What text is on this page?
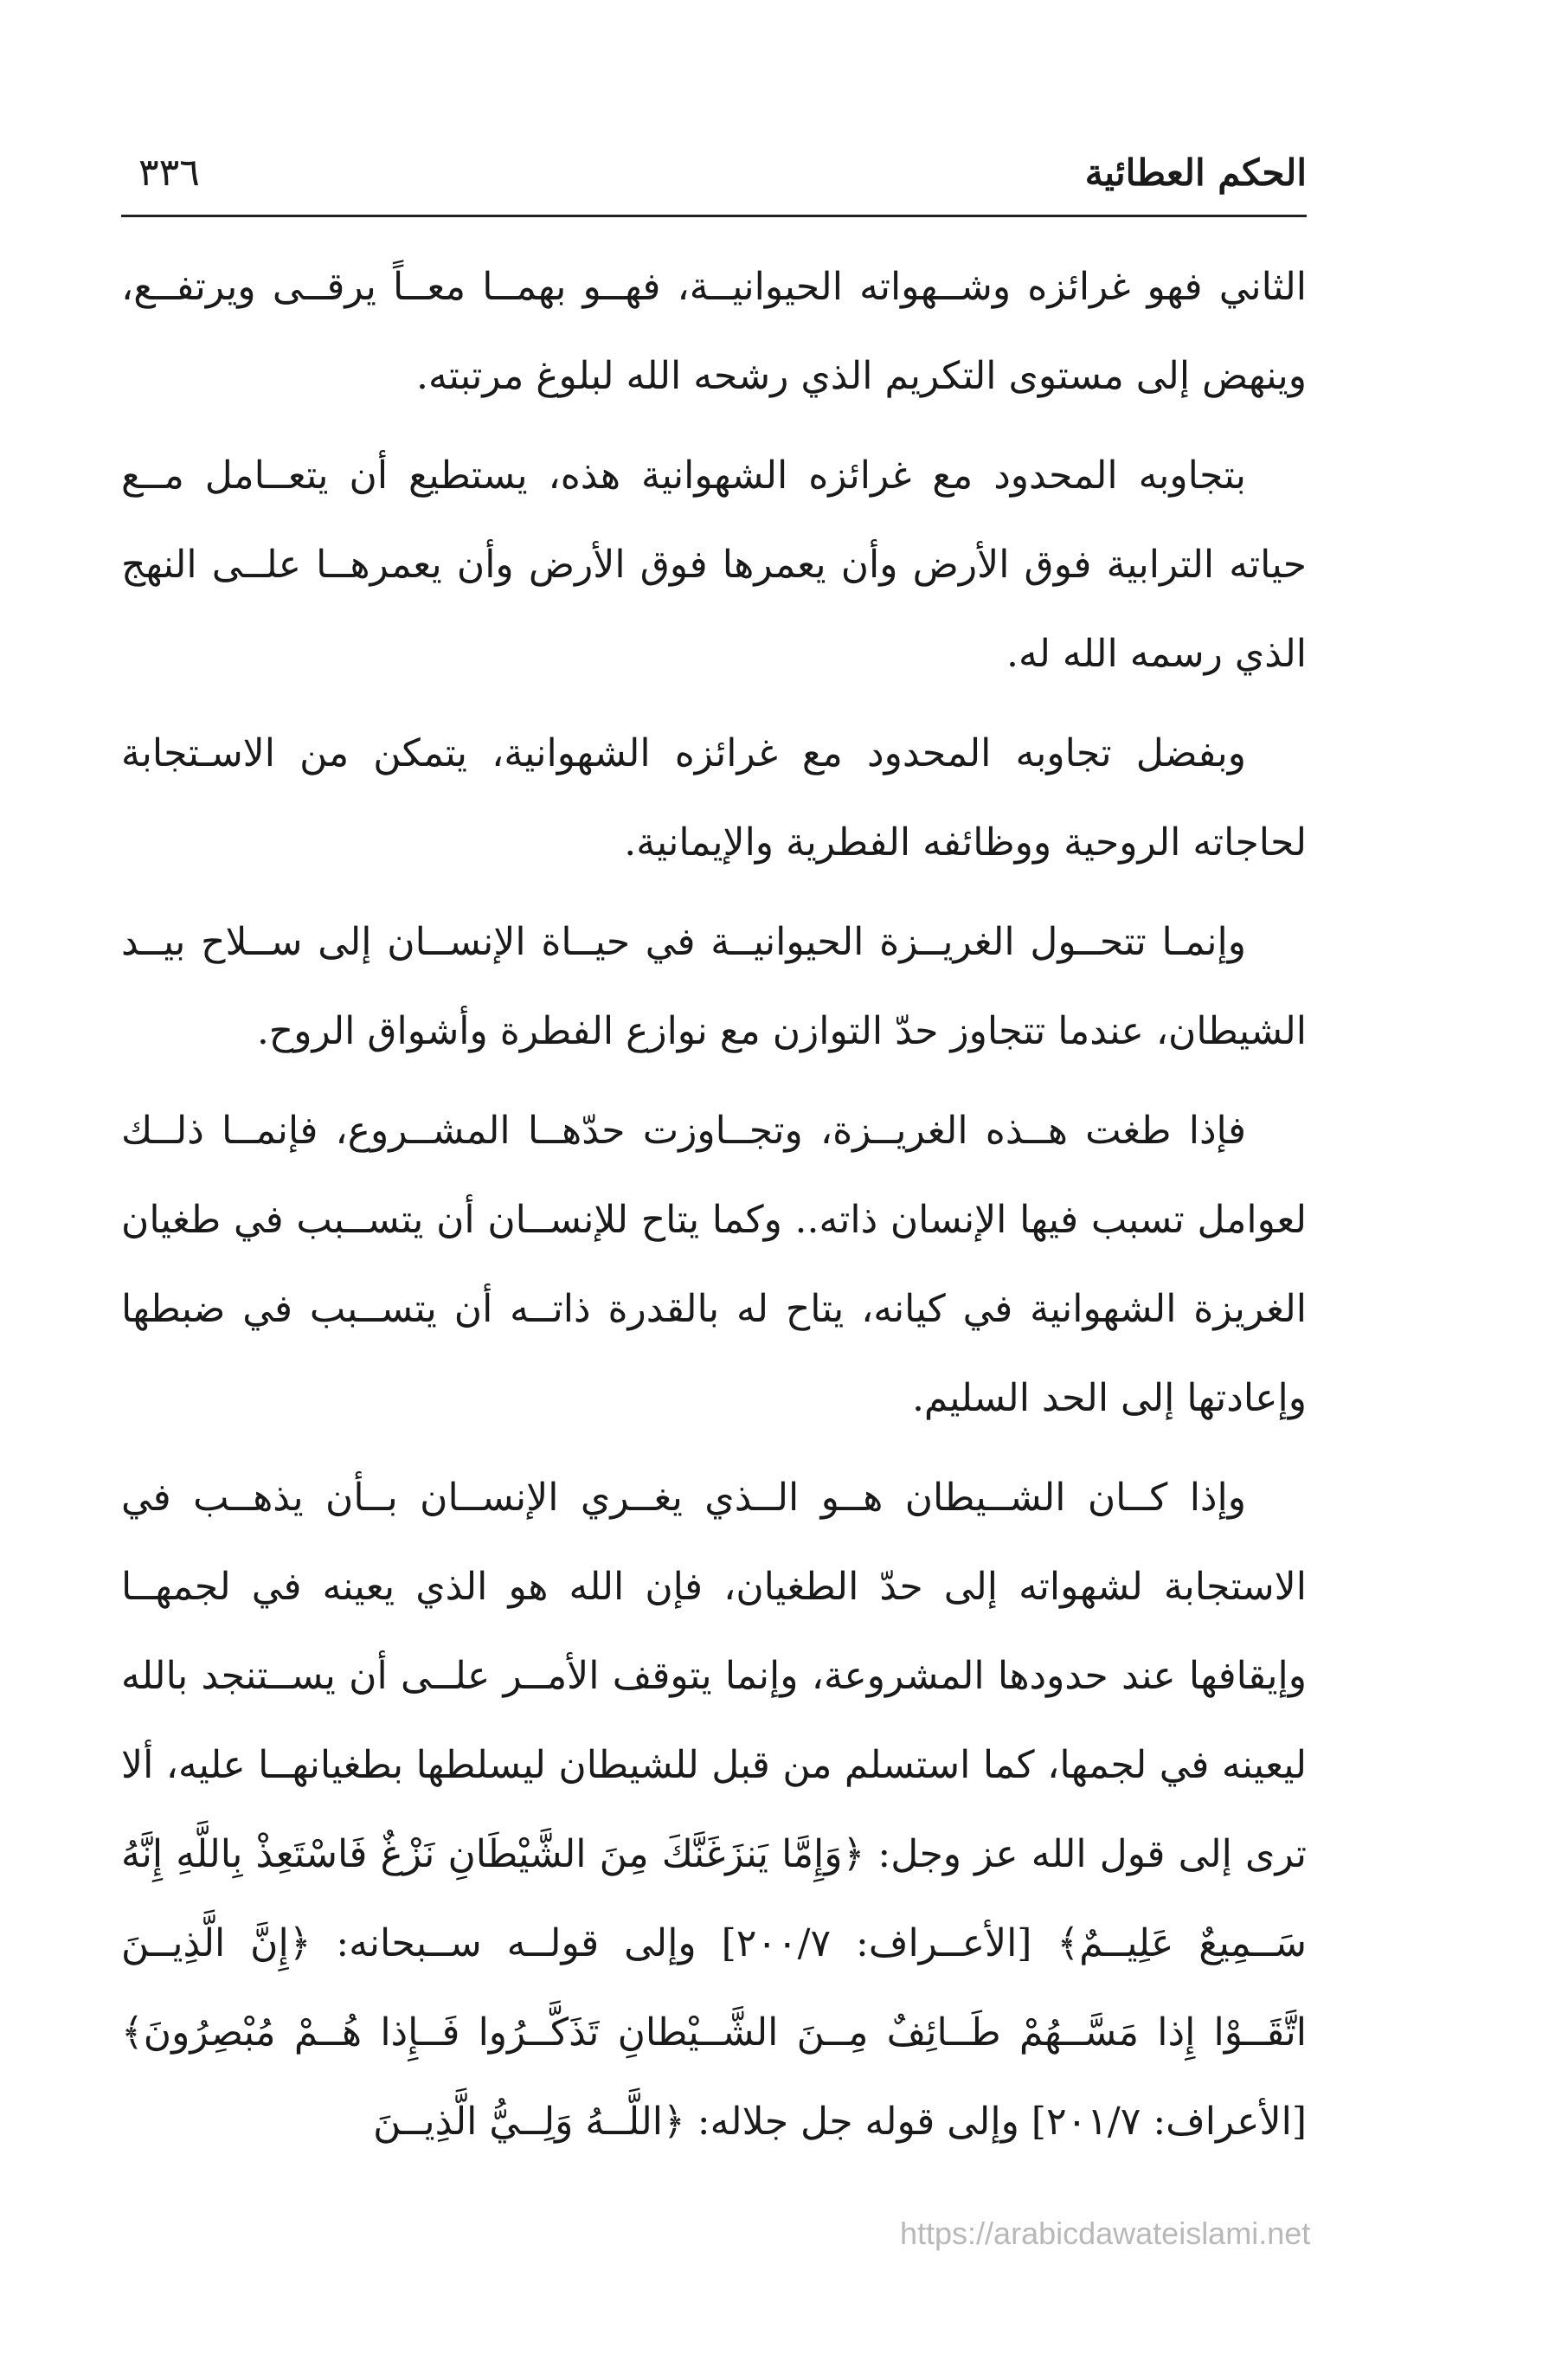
الحكم العطائية
٣٣٦

الثاني فهو غرائزه وشــهواته الحيوانيــة، فهــو بهمــا معــاً يرقــى ويرتفــع، وينهض إلى مستوى التكريم الذي رشحه الله لبلوغ مرتبته.

بتجاوبه المحدود مع غرائزه الشهوانية هذه، يستطيع أن يتعــامل مــع حياته الترابية فوق الأرض وأن يعمرها فوق الأرض وأن يعمرهــا علــى النهج الذي رسمه الله له.

وبفضل تجاوبه المحدود مع غرائزه الشهوانية، يتمكن من الاسـتجابة لحاجاته الروحية ووظائفه الفطرية والإيمانية.

وإنمـا تتحــول الغريــزة الحيوانيــة في حيــاة الإنســان إلى ســلاح بيــد الشيطان، عندما تتجاوز حدّ التوازن مع نوازع الفطرة وأشواق الروح.

فإذا طغت هــذه الغريــزة، وتجــاوزت حدّهــا المشــروع، فإنمــا ذلــك لعوامل تسبب فيها الإنسان ذاته.. وكما يتاح للإنســان أن يتســبب في طغيان الغريزة الشهوانية في كيانه، يتاح له بالقدرة ذاتــه أن يتســبب في ضبطها وإعادتها إلى الحد السليم.

وإذا كــان الشــيطان هــو الــذي يغــري الإنســان بــأن يذهــب في الاستجابة لشهواته إلى حدّ الطغيان، فإن الله هو الذي يعينه في لجمهــا وإيقافها عند حدودها المشروعة، وإنما يتوقف الأمــر علــى أن يســتنجد بالله ليعينه في لجمها، كما استسلم من قبل للشيطان ليسلطها بطغيانهــا عليه، ألا ترى إلى قول الله عز وجل: ﴿وَإِمَّا يَنزَغَنَّكَ مِنَ الشَّيْطَانِ نَزْغٌ فَاسْتَعِذْ بِاللَّهِ إِنَّهُ سَــمِيعٌ عَلِيــمٌ﴾ [الأعــراف: ٢٠٠/٧] وإلى قولــه ســبحانه: ﴿إِنَّ الَّذِيــنَ اتَّقَــوْا إِذا مَسَّــهُمْ طَــائِفٌ مِــنَ الشَّــيْطانِ تَذَكَّــرُوا فَــإِذا هُــمْ مُبْصِرُونَ﴾ [الأعراف: ٢٠١/٧] وإلى قوله جل جلاله: ﴿اللَّــهُ وَلِــيُّ الَّذِيــنَ

https://arabicdawateislami.net
